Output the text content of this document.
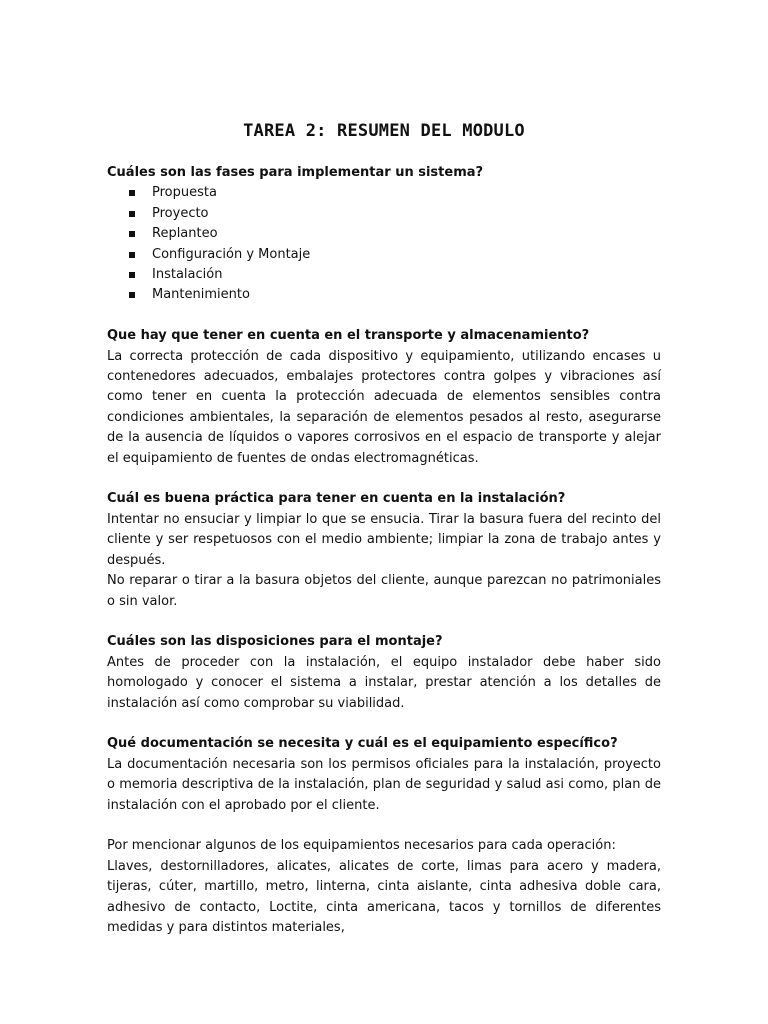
TAREA 2: RESUMEN DEL MODULO

Cuáles son las fases para implementar un sistema?

Propuesta
Proyecto
Replanteo
Configuración y Montaje
Instalación
Mantenimiento

Que hay que tener en cuenta en el transporte y almacenamiento?

La correcta protección de cada dispositivo y equipamiento, utilizando encases u contenedores adecuados, embalajes protectores contra golpes y vibraciones así como tener en cuenta la protección adecuada de elementos sensibles contra condiciones ambientales, la separación de elementos pesados al resto, asegurarse de la ausencia de líquidos o vapores corrosivos en el espacio de transporte y alejar el equipamiento de fuentes de ondas electromagnéticas.

Cuál es buena práctica para tener en cuenta en la instalación?

Intentar no ensuciar y limpiar lo que se ensucia. Tirar la basura fuera del recinto del cliente y ser respetuosos con el medio ambiente; limpiar la zona de trabajo antes y después.

No reparar o tirar a la basura objetos del cliente, aunque parezcan no patrimoniales o sin valor.

Cuáles son las disposiciones para el montaje?

Antes de proceder con la instalación, el equipo instalador debe haber sido homologado y conocer el sistema a instalar, prestar atención a los detalles de instalación así como comprobar su viabilidad.

Qué documentación se necesita y cuál es el equipamiento específico?

La documentación necesaria son los permisos oficiales para la instalación, proyecto o memoria descriptiva de la instalación, plan de seguridad y salud asi como, plan de instalación con el aprobado por el cliente.

Por mencionar algunos de los equipamientos necesarios para cada operación:

Llaves, destornilladores, alicates, alicates de corte, limas para acero y madera, tijeras, cúter, martillo, metro, linterna, cinta aislante, cinta adhesiva doble cara, adhesivo de contacto, Loctite, cinta americana, tacos y tornillos de diferentes medidas y para distintos materiales,
